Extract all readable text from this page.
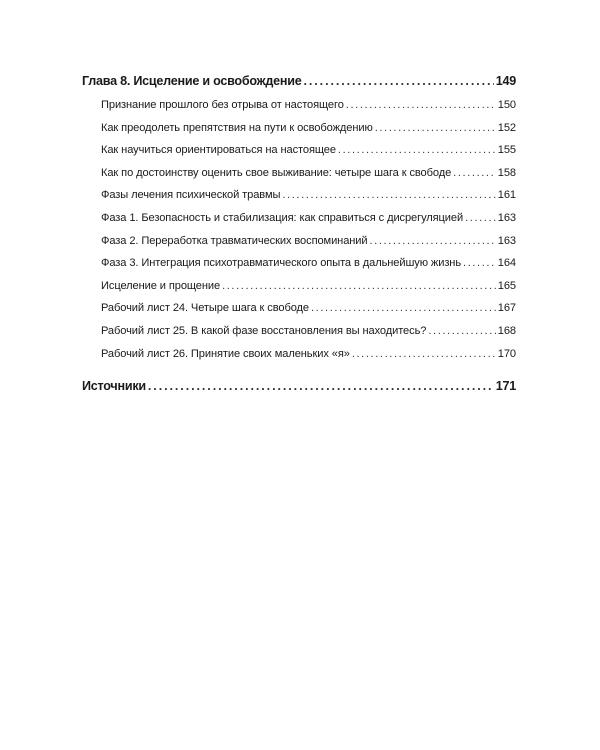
Глава 8. Исцеление и освобождение .....	149
Признание прошлого без отрыва от настоящего .....	150
Как преодолеть препятствия на пути к освобождению .....	152
Как научиться ориентироваться на настоящее .....	155
Как по достоинству оценить свое выживание: четыре шага к свободе .....	158
Фазы лечения психической травмы .....	161
Фаза 1. Безопасность и стабилизация: как справиться с дисрегуляцией .....	163
Фаза 2. Переработка травматических воспоминаний .....	163
Фаза 3. Интеграция психотравматического опыта в дальнейшую жизнь .....	164
Исцеление и прощение .....	165
Рабочий лист 24. Четыре шага к свободе .....	167
Рабочий лист 25. В какой фазе восстановления вы находитесь? .....	168
Рабочий лист 26. Принятие своих маленьких «я» .....	170
Источники .....	171
